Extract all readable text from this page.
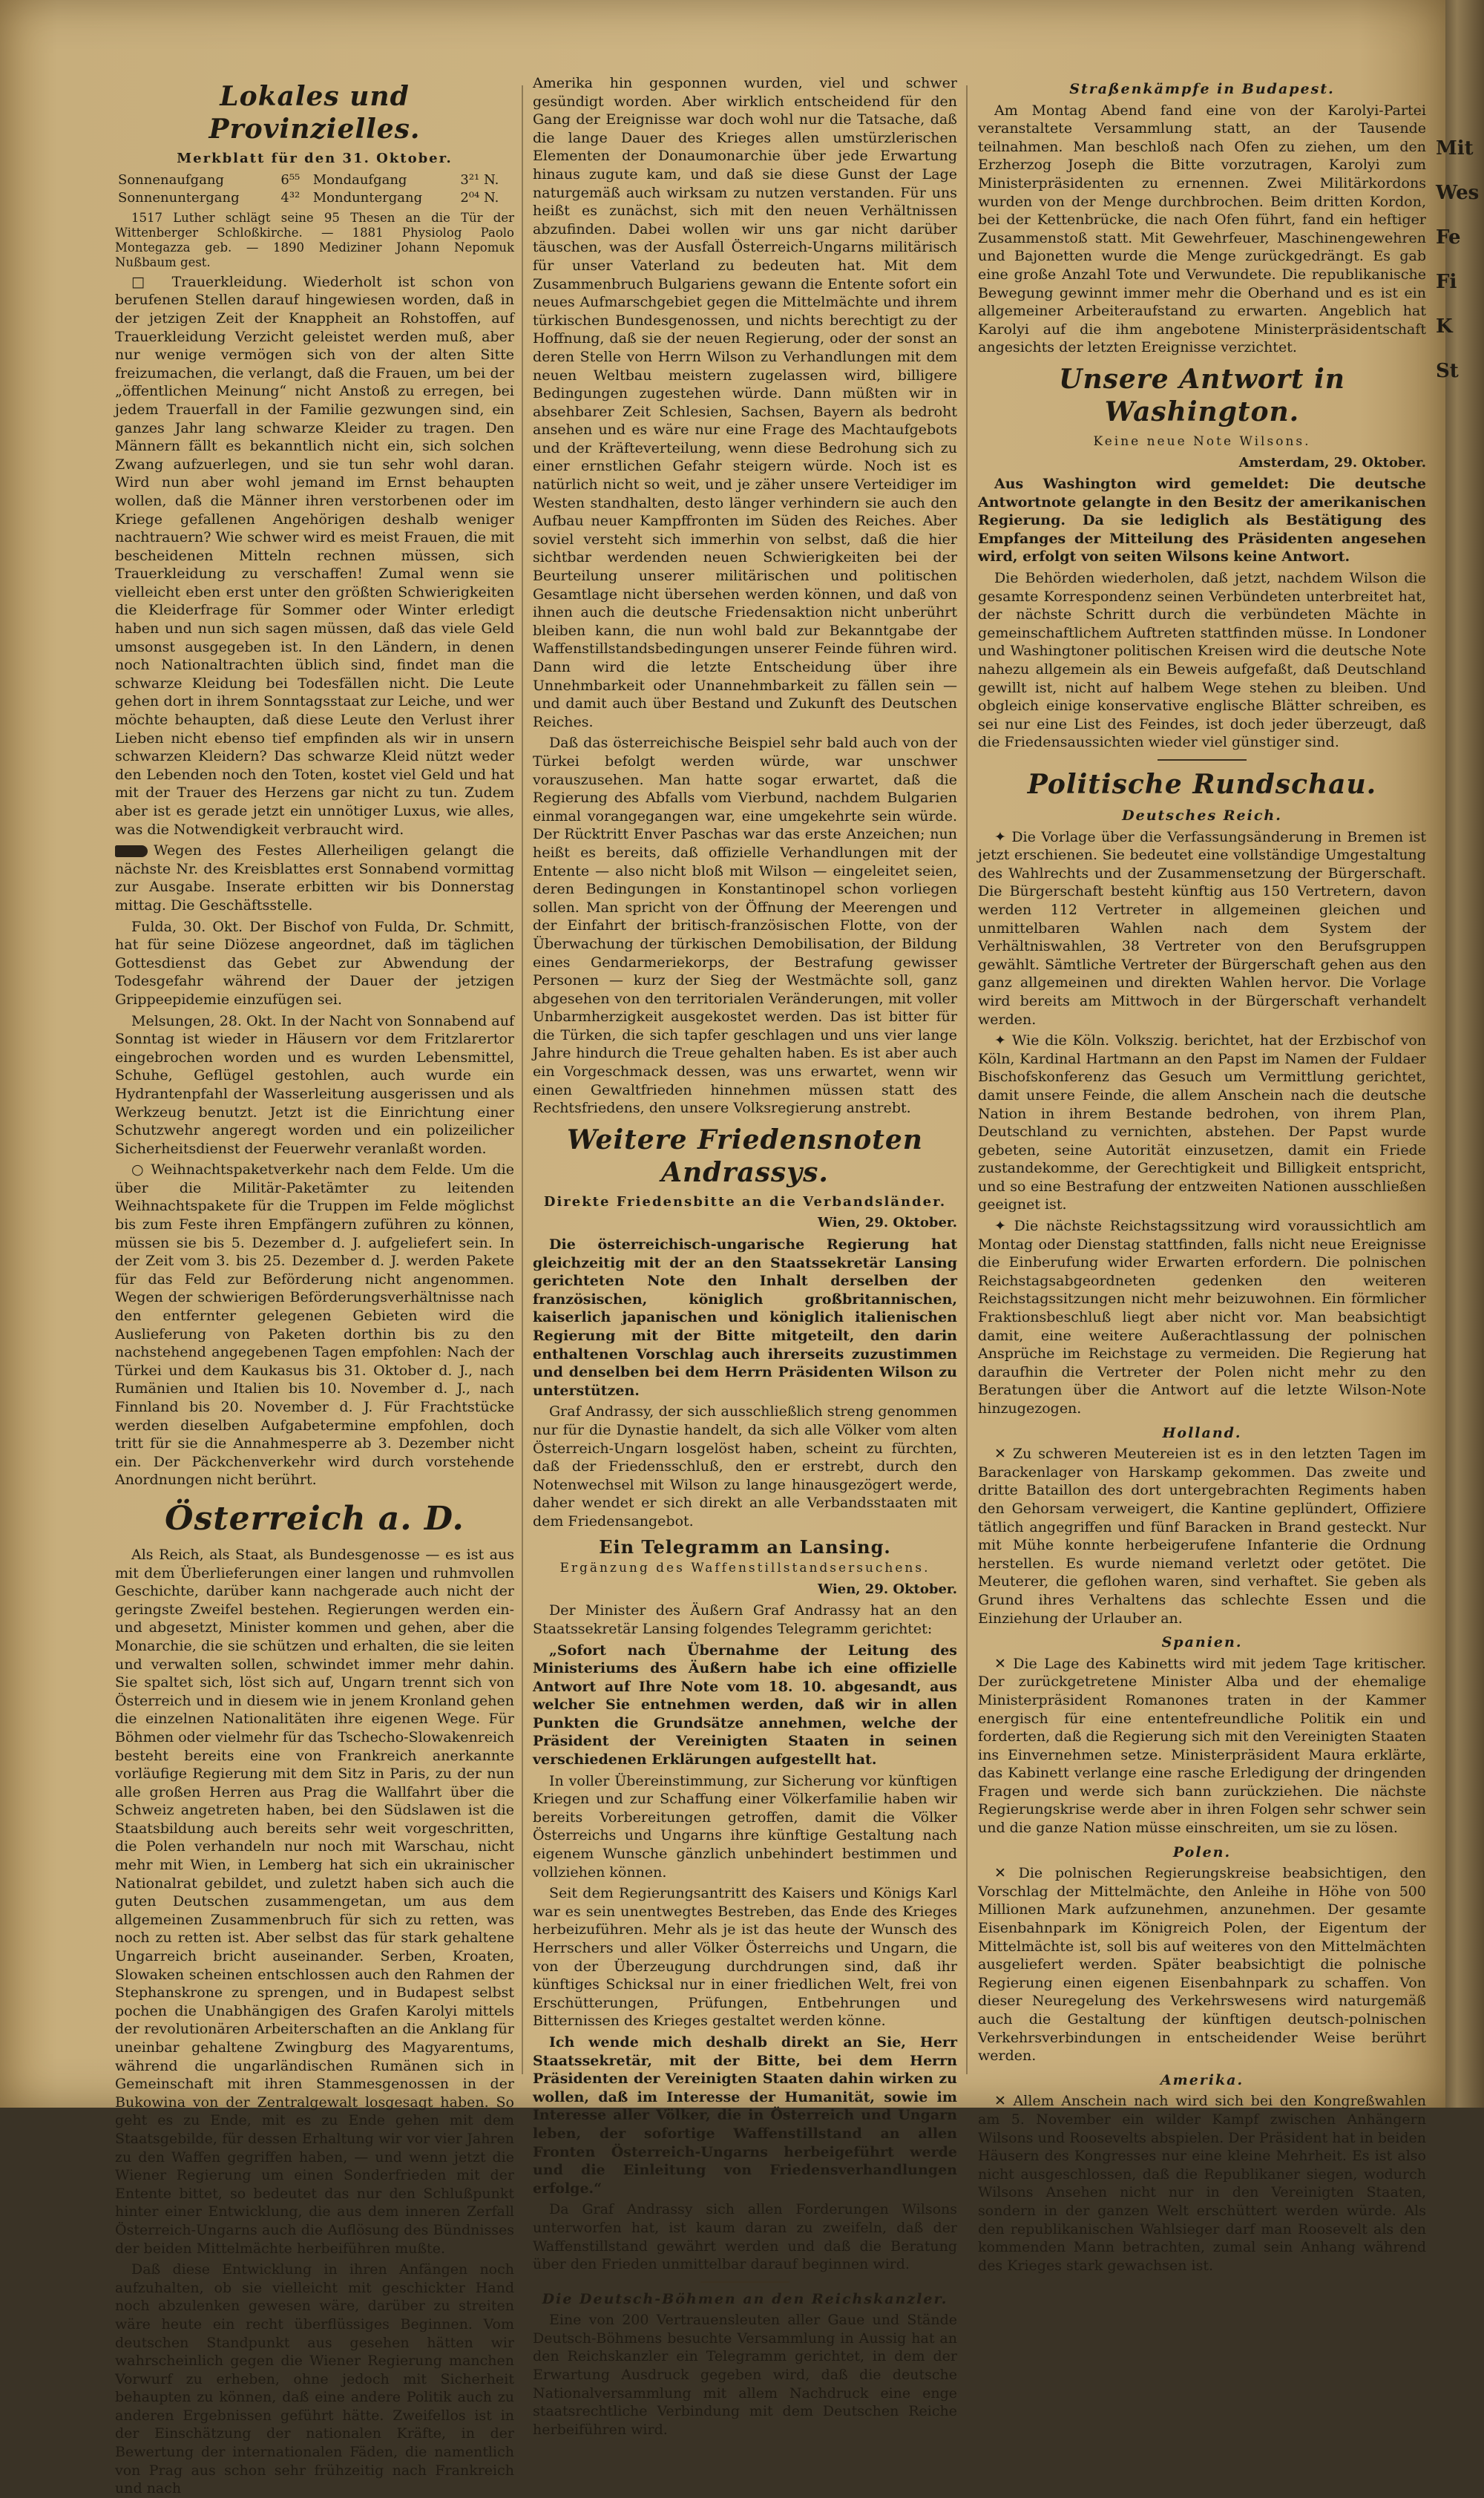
Lokales und Provinzielles.
Merkblatt für den 31. Oktober.
Sonnenaufgang	6⁵⁵	Mondaufgang	3²¹ N.
Sonnenuntergang	4³²	Monduntergang	2⁰⁴ N.

1517 Luther schlägt seine 95 Thesen an die Tür der Wittenberger Schloßkirche. — 1881 Physiolog Paolo Montegazza geb. — 1890 Mediziner Johann Nepomuk Nußbaum gest.

□ Trauerkleidung. Wiederholt ist schon von berufenen Stellen darauf hingewiesen worden, daß in der jetzigen Zeit der Knappheit an Rohstoffen, auf Trauerkleidung Verzicht geleistet werden muß, aber nur wenige vermögen sich von der alten Sitte freizumachen, die verlangt, daß die Frauen, um bei der „öffentlichen Meinung“ nicht Anstoß zu erregen, bei jedem Trauerfall in der Familie gezwungen sind, ein ganzes Jahr lang schwarze Kleider zu tragen. Den Männern fällt es bekanntlich nicht ein, sich solchen Zwang aufzuerlegen, und sie tun sehr wohl daran. Wird nun aber wohl jemand im Ernst behaupten wollen, daß die Männer ihren verstorbenen oder im Kriege gefallenen Angehörigen deshalb weniger nachtrauern? Wie schwer wird es meist Frauen, die mit bescheidenen Mitteln rechnen müssen, sich Trauerkleidung zu verschaffen! Zumal wenn sie vielleicht eben erst unter den größten Schwierigkeiten die Kleiderfrage für Sommer oder Winter erledigt haben und nun sich sagen müssen, daß das viele Geld umsonst ausgegeben ist. In den Ländern, in denen noch Nationaltrachten üblich sind, findet man die schwarze Kleidung bei Todesfällen nicht. Die Leute gehen dort in ihrem Sonntagsstaat zur Leiche, und wer möchte behaupten, daß diese Leute den Verlust ihrer Lieben nicht ebenso tief empfinden als wir in unsern schwarzen Kleidern? Das schwarze Kleid nützt weder den Lebenden noch den Toten, kostet viel Geld und hat mit der Trauer des Herzens gar nicht zu tun. Zudem aber ist es gerade jetzt ein unnötiger Luxus, wie alles, was die Notwendigkeit verbraucht wird.

Wegen des Festes Allerheiligen gelangt die nächste Nr. des Kreisblattes erst Sonnabend vormittag zur Ausgabe. Inserate erbitten wir bis Donnerstag mittag. Die Geschäftsstelle.

Fulda, 30. Okt. Der Bischof von Fulda, Dr. Schmitt, hat für seine Diözese angeordnet, daß im täglichen Gottesdienst das Gebet zur Abwendung der Todesgefahr während der Dauer der jetzigen Grippeepidemie einzufügen sei.

Melsungen, 28. Okt. In der Nacht von Sonnabend auf Sonntag ist wieder in Häusern vor dem Fritzlarertor eingebrochen worden und es wurden Lebensmittel, Schuhe, Geflügel gestohlen, auch wurde ein Hydrantenpfahl der Wasserleitung ausgerissen und als Werkzeug benutzt. Jetzt ist die Einrichtung einer Schutzwehr angeregt worden und ein polizeilicher Sicherheitsdienst der Feuerwehr veranlaßt worden.

○ Weihnachtspaketverkehr nach dem Felde. Um die über die Militär-Paketämter zu leitenden Weihnachtspakete für die Truppen im Felde möglichst bis zum Feste ihren Empfängern zuführen zu können, müssen sie bis 5. Dezember d. J. aufgeliefert sein. In der Zeit vom 3. bis 25. Dezember d. J. werden Pakete für das Feld zur Beförderung nicht angenommen. Wegen der schwierigen Beförderungsverhältnisse nach den entfernter gelegenen Gebieten wird die Auslieferung von Paketen dorthin bis zu den nachstehend angegebenen Tagen empfohlen: Nach der Türkei und dem Kaukasus bis 31. Oktober d. J., nach Rumänien und Italien bis 10. November d. J., nach Finnland bis 20. November d. J. Für Frachtstücke werden dieselben Aufgabetermine empfohlen, doch tritt für sie die Annahmesperre ab 3. Dezember nicht ein. Der Päckchenverkehr wird durch vorstehende Anordnungen nicht berührt.

Österreich a. D.

Als Reich, als Staat, als Bundesgenosse — es ist aus mit dem Überlieferungen einer langen und ruhmvollen Geschichte, darüber kann nachgerade auch nicht der geringste Zweifel bestehen. Regierungen werden ein- und abgesetzt, Minister kommen und gehen, aber die Monarchie, die sie schützen und erhalten, die sie leiten und verwalten sollen, schwindet immer mehr dahin. Sie spaltet sich, löst sich auf, Ungarn trennt sich von Österreich und in diesem wie in jenem Kronland gehen die einzelnen Nationalitäten ihre eigenen Wege. Für Böhmen oder vielmehr für das Tschecho-Slowakenreich besteht bereits eine von Frankreich anerkannte vorläufige Regierung mit dem Sitz in Paris, zu der nun alle großen Herren aus Prag die Wallfahrt über die Schweiz angetreten haben, bei den Südslawen ist die Staatsbildung auch bereits sehr weit vorgeschritten, die Polen verhandeln nur noch mit Warschau, nicht mehr mit Wien, in Lemberg hat sich ein ukrainischer Nationalrat gebildet, und zuletzt haben sich auch die guten Deutschen zusammengetan, um aus dem allgemeinen Zusammenbruch für sich zu retten, was noch zu retten ist. Aber selbst das für stark gehaltene Ungarreich bricht auseinander. Serben, Kroaten, Slowaken scheinen entschlossen auch den Rahmen der Stephanskrone zu sprengen, und in Budapest selbst pochen die Unabhängigen des Grafen Karolyi mittels der revolutionären Arbeiterschaften an die Anklang für uneinbar gehaltene Zwingburg des Magyarentums, während die ungarländischen Rumänen sich in Gemeinschaft mit ihren Stammesgenossen in der Bukowina von der Zentralgewalt losgesagt haben. So geht es zu Ende, mit es zu Ende gehen mit dem Staatsgebilde, für dessen Erhaltung wir vor vier Jahren zu den Waffen gegriffen haben, — und wenn jetzt die Wiener Regierung um einen Sonderfrieden mit der Entente bittet, so bedeutet das nur den Schlußpunkt hinter einer Entwicklung, die aus dem inneren Zerfall Österreich-Ungarns auch die Auflösung des Bündnisses der beiden Mittelmächte herbeiführen mußte.

Daß diese Entwicklung in ihren Anfängen noch aufzuhalten, ob sie vielleicht mit geschickter Hand noch abzulenken gewesen wäre, darüber zu streiten wäre heute ein recht überflüssiges Beginnen. Vom deutschen Standpunkt aus gesehen hätten wir wahrscheinlich gegen die Wiener Regierung manchen Vorwurf zu erheben, ohne jedoch mit Sicherheit behaupten zu können, daß eine andere Politik auch zu anderen Ergebnissen geführt hätte. Zweifellos ist in der Einschätzung der nationalen Kräfte, in der Bewertung der internationalen Fäden, die namentlich von Prag aus schon sehr frühzeitig nach Frankreich und nach

Amerika hin gesponnen wurden, viel und schwer gesündigt worden. Aber wirklich entscheidend für den Gang der Ereignisse war doch wohl nur die Tatsache, daß die lange Dauer des Krieges allen umstürzlerischen Elementen der Donaumonarchie über jede Erwartung hinaus zugute kam, und daß sie diese Gunst der Lage naturgemäß auch wirksam zu nutzen verstanden. Für uns heißt es zunächst, sich mit den neuen Verhältnissen abzufinden. Dabei wollen wir uns gar nicht darüber täuschen, was der Ausfall Österreich-Ungarns militärisch für unser Vaterland zu bedeuten hat. Mit dem Zusammenbruch Bulgariens gewann die Entente sofort ein neues Aufmarschgebiet gegen die Mittelmächte und ihrem türkischen Bundesgenossen, und nichts berechtigt zu der Hoffnung, daß sie der neuen Regierung, oder der sonst an deren Stelle von Herrn Wilson zu Verhandlungen mit dem neuen Weltbau meistern zugelassen wird, billigere Bedingungen zugestehen würde. Dann müßten wir in absehbarer Zeit Schlesien, Sachsen, Bayern als bedroht ansehen und es wäre nur eine Frage des Machtaufgebots und der Kräfteverteilung, wenn diese Bedrohung sich zu einer ernstlichen Gefahr steigern würde. Noch ist es natürlich nicht so weit, und je zäher unsere Verteidiger im Westen standhalten, desto länger verhindern sie auch den Aufbau neuer Kampffronten im Süden des Reiches. Aber soviel versteht sich immerhin von selbst, daß die hier sichtbar werdenden neuen Schwierigkeiten bei der Beurteilung unserer militärischen und politischen Gesamtlage nicht übersehen werden können, und daß von ihnen auch die deutsche Friedensaktion nicht unberührt bleiben kann, die nun wohl bald zur Bekanntgabe der Waffenstillstandsbedingungen unserer Feinde führen wird. Dann wird die letzte Entscheidung über ihre Unnehmbarkeit oder Unannehmbarkeit zu fällen sein — und damit auch über Bestand und Zukunft des Deutschen Reiches.

Daß das österreichische Beispiel sehr bald auch von der Türkei befolgt werden würde, war unschwer vorauszusehen. Man hatte sogar erwartet, daß die Regierung des Abfalls vom Vierbund, nachdem Bulgarien einmal vorangegangen war, eine umgekehrte sein würde. Der Rücktritt Enver Paschas war das erste Anzeichen; nun heißt es bereits, daß offizielle Verhandlungen mit der Entente — also nicht bloß mit Wilson — eingeleitet seien, deren Bedingungen in Konstantinopel schon vorliegen sollen. Man spricht von der Öffnung der Meerengen und der Einfahrt der britisch-französischen Flotte, von der Überwachung der türkischen Demobilisation, der Bildung eines Gendarmeriekorps, der Bestrafung gewisser Personen — kurz der Sieg der Westmächte soll, ganz abgesehen von den territorialen Veränderungen, mit voller Unbarmherzigkeit ausgekostet werden. Das ist bitter für die Türken, die sich tapfer geschlagen und uns vier lange Jahre hindurch die Treue gehalten haben. Es ist aber auch ein Vorgeschmack dessen, was uns erwartet, wenn wir einen Gewaltfrieden hinnehmen müssen statt des Rechtsfriedens, den unsere Volksregierung anstrebt.

Weitere Friedensnoten Andrassys.
Direkte Friedensbitte an die Verbandsländer.
Wien, 29. Oktober.

Die österreichisch-ungarische Regierung hat gleichzeitig mit der an den Staatssekretär Lansing gerichteten Note den Inhalt derselben der französischen, königlich großbritannischen, kaiserlich japanischen und königlich italienischen Regierung mit der Bitte mitgeteilt, den darin enthaltenen Vorschlag auch ihrerseits zuzustimmen und denselben bei dem Herrn Präsidenten Wilson zu unterstützen.

Graf Andrassy, der sich ausschließlich streng genommen nur für die Dynastie handelt, da sich alle Völker vom alten Österreich-Ungarn losgelöst haben, scheint zu fürchten, daß der Friedensschluß, den er erstrebt, durch den Notenwechsel mit Wilson zu lange hinausgezögert werde, daher wendet er sich direkt an alle Verbandsstaaten mit dem Friedensangebot.

Ein Telegramm an Lansing.
Ergänzung des Waffenstillstandsersuchens.
Wien, 29. Oktober.

Der Minister des Äußern Graf Andrassy hat an den Staatssekretär Lansing folgendes Telegramm gerichtet:

„Sofort nach Übernahme der Leitung des Ministeriums des Äußern habe ich eine offizielle Antwort auf Ihre Note vom 18. 10. abgesandt, aus welcher Sie entnehmen werden, daß wir in allen Punkten die Grundsätze annehmen, welche der Präsident der Vereinigten Staaten in seinen verschiedenen Erklärungen aufgestellt hat.

In voller Übereinstimmung, zur Sicherung vor künftigen Kriegen und zur Schaffung einer Völkerfamilie haben wir bereits Vorbereitungen getroffen, damit die Völker Österreichs und Ungarns ihre künftige Gestaltung nach eigenem Wunsche gänzlich unbehindert bestimmen und vollziehen können.

Seit dem Regierungsantritt des Kaisers und Königs Karl war es sein unentwegtes Bestreben, das Ende des Krieges herbeizuführen. Mehr als je ist das heute der Wunsch des Herrschers und aller Völker Österreichs und Ungarn, die von der Überzeugung durchdrungen sind, daß ihr künftiges Schicksal nur in einer friedlichen Welt, frei von Erschütterungen, Prüfungen, Entbehrungen und Bitternissen des Krieges gestaltet werden könne.

Ich wende mich deshalb direkt an Sie, Herr Staatssekretär, mit der Bitte, bei dem Herrn Präsidenten der Vereinigten Staaten dahin wirken zu wollen, daß im Interesse der Humanität, sowie im Interesse aller Völker, die in Österreich und Ungarn leben, der sofortige Waffenstillstand an allen Fronten Österreich-Ungarns herbeigeführt werde und die Einleitung von Friedensverhandlungen erfolge.“

Da Graf Andrassy sich allen Forderungen Wilsons unterworfen hat, ist kaum daran zu zweifeln, daß der Waffenstillstand gewährt werden und daß die Beratung über den Frieden unmittelbar darauf beginnen wird.

Die Deutsch-Böhmen an den Reichskanzler.

Eine von 200 Vertrauensleuten aller Gaue und Stände Deutsch-Böhmens besuchte Versammlung in Aussig hat an den Reichskanzler ein Telegramm gerichtet, in dem der Erwartung Ausdruck gegeben wird, daß die deutsche Nationalversammlung mit allem Nachdruck eine enge staatsrechtliche Verbindung mit dem Deutschen Reiche herbeiführen wird.

Straßenkämpfe in Budapest.

Am Montag Abend fand eine von der Karolyi-Partei veranstaltete Versammlung statt, an der Tausende teilnahmen. Man beschloß nach Ofen zu ziehen, um den Erzherzog Joseph die Bitte vorzutragen, Karolyi zum Ministerpräsidenten zu ernennen. Zwei Militärkordons wurden von der Menge durchbrochen. Beim dritten Kordon, bei der Kettenbrücke, die nach Ofen führt, fand ein heftiger Zusammenstoß statt. Mit Gewehrfeuer, Maschinengewehren und Bajonetten wurde die Menge zurückgedrängt. Es gab eine große Anzahl Tote und Verwundete. Die republikanische Bewegung gewinnt immer mehr die Oberhand und es ist ein allgemeiner Arbeiteraufstand zu erwarten. Angeblich hat Karolyi auf die ihm angebotene Ministerpräsidentschaft angesichts der letzten Ereignisse verzichtet.

Unsere Antwort in Washington.
Keine neue Note Wilsons.
Amsterdam, 29. Oktober.

Aus Washington wird gemeldet: Die deutsche Antwortnote gelangte in den Besitz der amerikanischen Regierung. Da sie lediglich als Bestätigung des Empfanges der Mitteilung des Präsidenten angesehen wird, erfolgt von seiten Wilsons keine Antwort.

Die Behörden wiederholen, daß jetzt, nachdem Wilson die gesamte Korrespondenz seinen Verbündeten unterbreitet hat, der nächste Schritt durch die verbündeten Mächte in gemeinschaftlichem Auftreten stattfinden müsse. In Londoner und Washingtoner politischen Kreisen wird die deutsche Note nahezu allgemein als ein Beweis aufgefaßt, daß Deutschland gewillt ist, nicht auf halbem Wege stehen zu bleiben. Und obgleich einige konservative englische Blätter schreiben, es sei nur eine List des Feindes, ist doch jeder überzeugt, daß die Friedensaussichten wieder viel günstiger sind.

Politische Rundschau.
Deutsches Reich.

✦ Die Vorlage über die Verfassungsänderung in Bremen ist jetzt erschienen. Sie bedeutet eine vollständige Umgestaltung des Wahlrechts und der Zusammensetzung der Bürgerschaft. Die Bürgerschaft besteht künftig aus 150 Vertretern, davon werden 112 Vertreter in allgemeinen gleichen und unmittelbaren Wahlen nach dem System der Verhältniswahlen, 38 Vertreter von den Berufsgruppen gewählt. Sämtliche Vertreter der Bürgerschaft gehen aus den ganz allgemeinen und direkten Wahlen hervor. Die Vorlage wird bereits am Mittwoch in der Bürgerschaft verhandelt werden.

✦ Wie die Köln. Volkszig. berichtet, hat der Erzbischof von Köln, Kardinal Hartmann an den Papst im Namen der Fuldaer Bischofskonferenz das Gesuch um Vermittlung gerichtet, damit unsere Feinde, die allem Anschein nach die deutsche Nation in ihrem Bestande bedrohen, von ihrem Plan, Deutschland zu vernichten, abstehen. Der Papst wurde gebeten, seine Autorität einzusetzen, damit ein Friede zustandekomme, der Gerechtigkeit und Billigkeit entspricht, und so eine Bestrafung der entzweiten Nationen ausschließen geeignet ist.

✦ Die nächste Reichstagssitzung wird voraussichtlich am Montag oder Dienstag stattfinden, falls nicht neue Ereignisse die Einberufung wider Erwarten erfordern. Die polnischen Reichstagsabgeordneten gedenken den weiteren Reichstagssitzungen nicht mehr beizuwohnen. Ein förmlicher Fraktionsbeschluß liegt aber nicht vor. Man beabsichtigt damit, eine weitere Außerachtlassung der polnischen Ansprüche im Reichstage zu vermeiden. Die Regierung hat daraufhin die Vertreter der Polen nicht mehr zu den Beratungen über die Antwort auf die letzte Wilson-Note hinzugezogen.

Holland.

✕ Zu schweren Meutereien ist es in den letzten Tagen im Barackenlager von Harskamp gekommen. Das zweite und dritte Bataillon des dort untergebrachten Regiments haben den Gehorsam verweigert, die Kantine geplündert, Offiziere tätlich angegriffen und fünf Baracken in Brand gesteckt. Nur mit Mühe konnte herbeigerufene Infanterie die Ordnung herstellen. Es wurde niemand verletzt oder getötet. Die Meuterer, die geflohen waren, sind verhaftet. Sie geben als Grund ihres Verhaltens das schlechte Essen und die Einziehung der Urlauber an.

Spanien.

✕ Die Lage des Kabinetts wird mit jedem Tage kritischer. Der zurückgetretene Minister Alba und der ehemalige Ministerpräsident Romanones traten in der Kammer energisch für eine ententefreundliche Politik ein und forderten, daß die Regierung sich mit den Vereinigten Staaten ins Einvernehmen setze. Ministerpräsident Maura erklärte, das Kabinett verlange eine rasche Erledigung der dringenden Fragen und werde sich bann zurückziehen. Die nächste Regierungskrise werde aber in ihren Folgen sehr schwer sein und die ganze Nation müsse einschreiten, um sie zu lösen.

Polen.

✕ Die polnischen Regierungskreise beabsichtigen, den Vorschlag der Mittelmächte, den Anleihe in Höhe von 500 Millionen Mark aufzunehmen, anzunehmen. Der gesamte Eisenbahnpark im Königreich Polen, der Eigentum der Mittelmächte ist, soll bis auf weiteres von den Mittelmächten ausgeliefert werden. Später beabsichtigt die polnische Regierung einen eigenen Eisenbahnpark zu schaffen. Von dieser Neuregelung des Verkehrswesens wird naturgemäß auch die Gestaltung der künftigen deutsch-polnischen Verkehrsverbindungen in entscheidender Weise berührt werden.

Amerika.

✕ Allem Anschein nach wird sich bei den Kongreßwahlen am 5. November ein wilder Kampf zwischen Anhängern Wilsons und Roosevelts abspielen. Der Präsident hat in beiden Häusern des Kongresses nur eine kleine Mehrheit. Es ist also nicht ausgeschlossen, daß die Republikaner siegen, wodurch Wilsons Ansehen nicht nur in den Vereinigten Staaten, sondern in der ganzen Welt erschüttert werden würde. Als den republikanischen Wahlsieger darf man Roosevelt als den kommenden Mann betrachten, zumal sein Anhang während des Krieges stark gewachsen ist.

Mit
Wes
Fe
Fi
K
St
